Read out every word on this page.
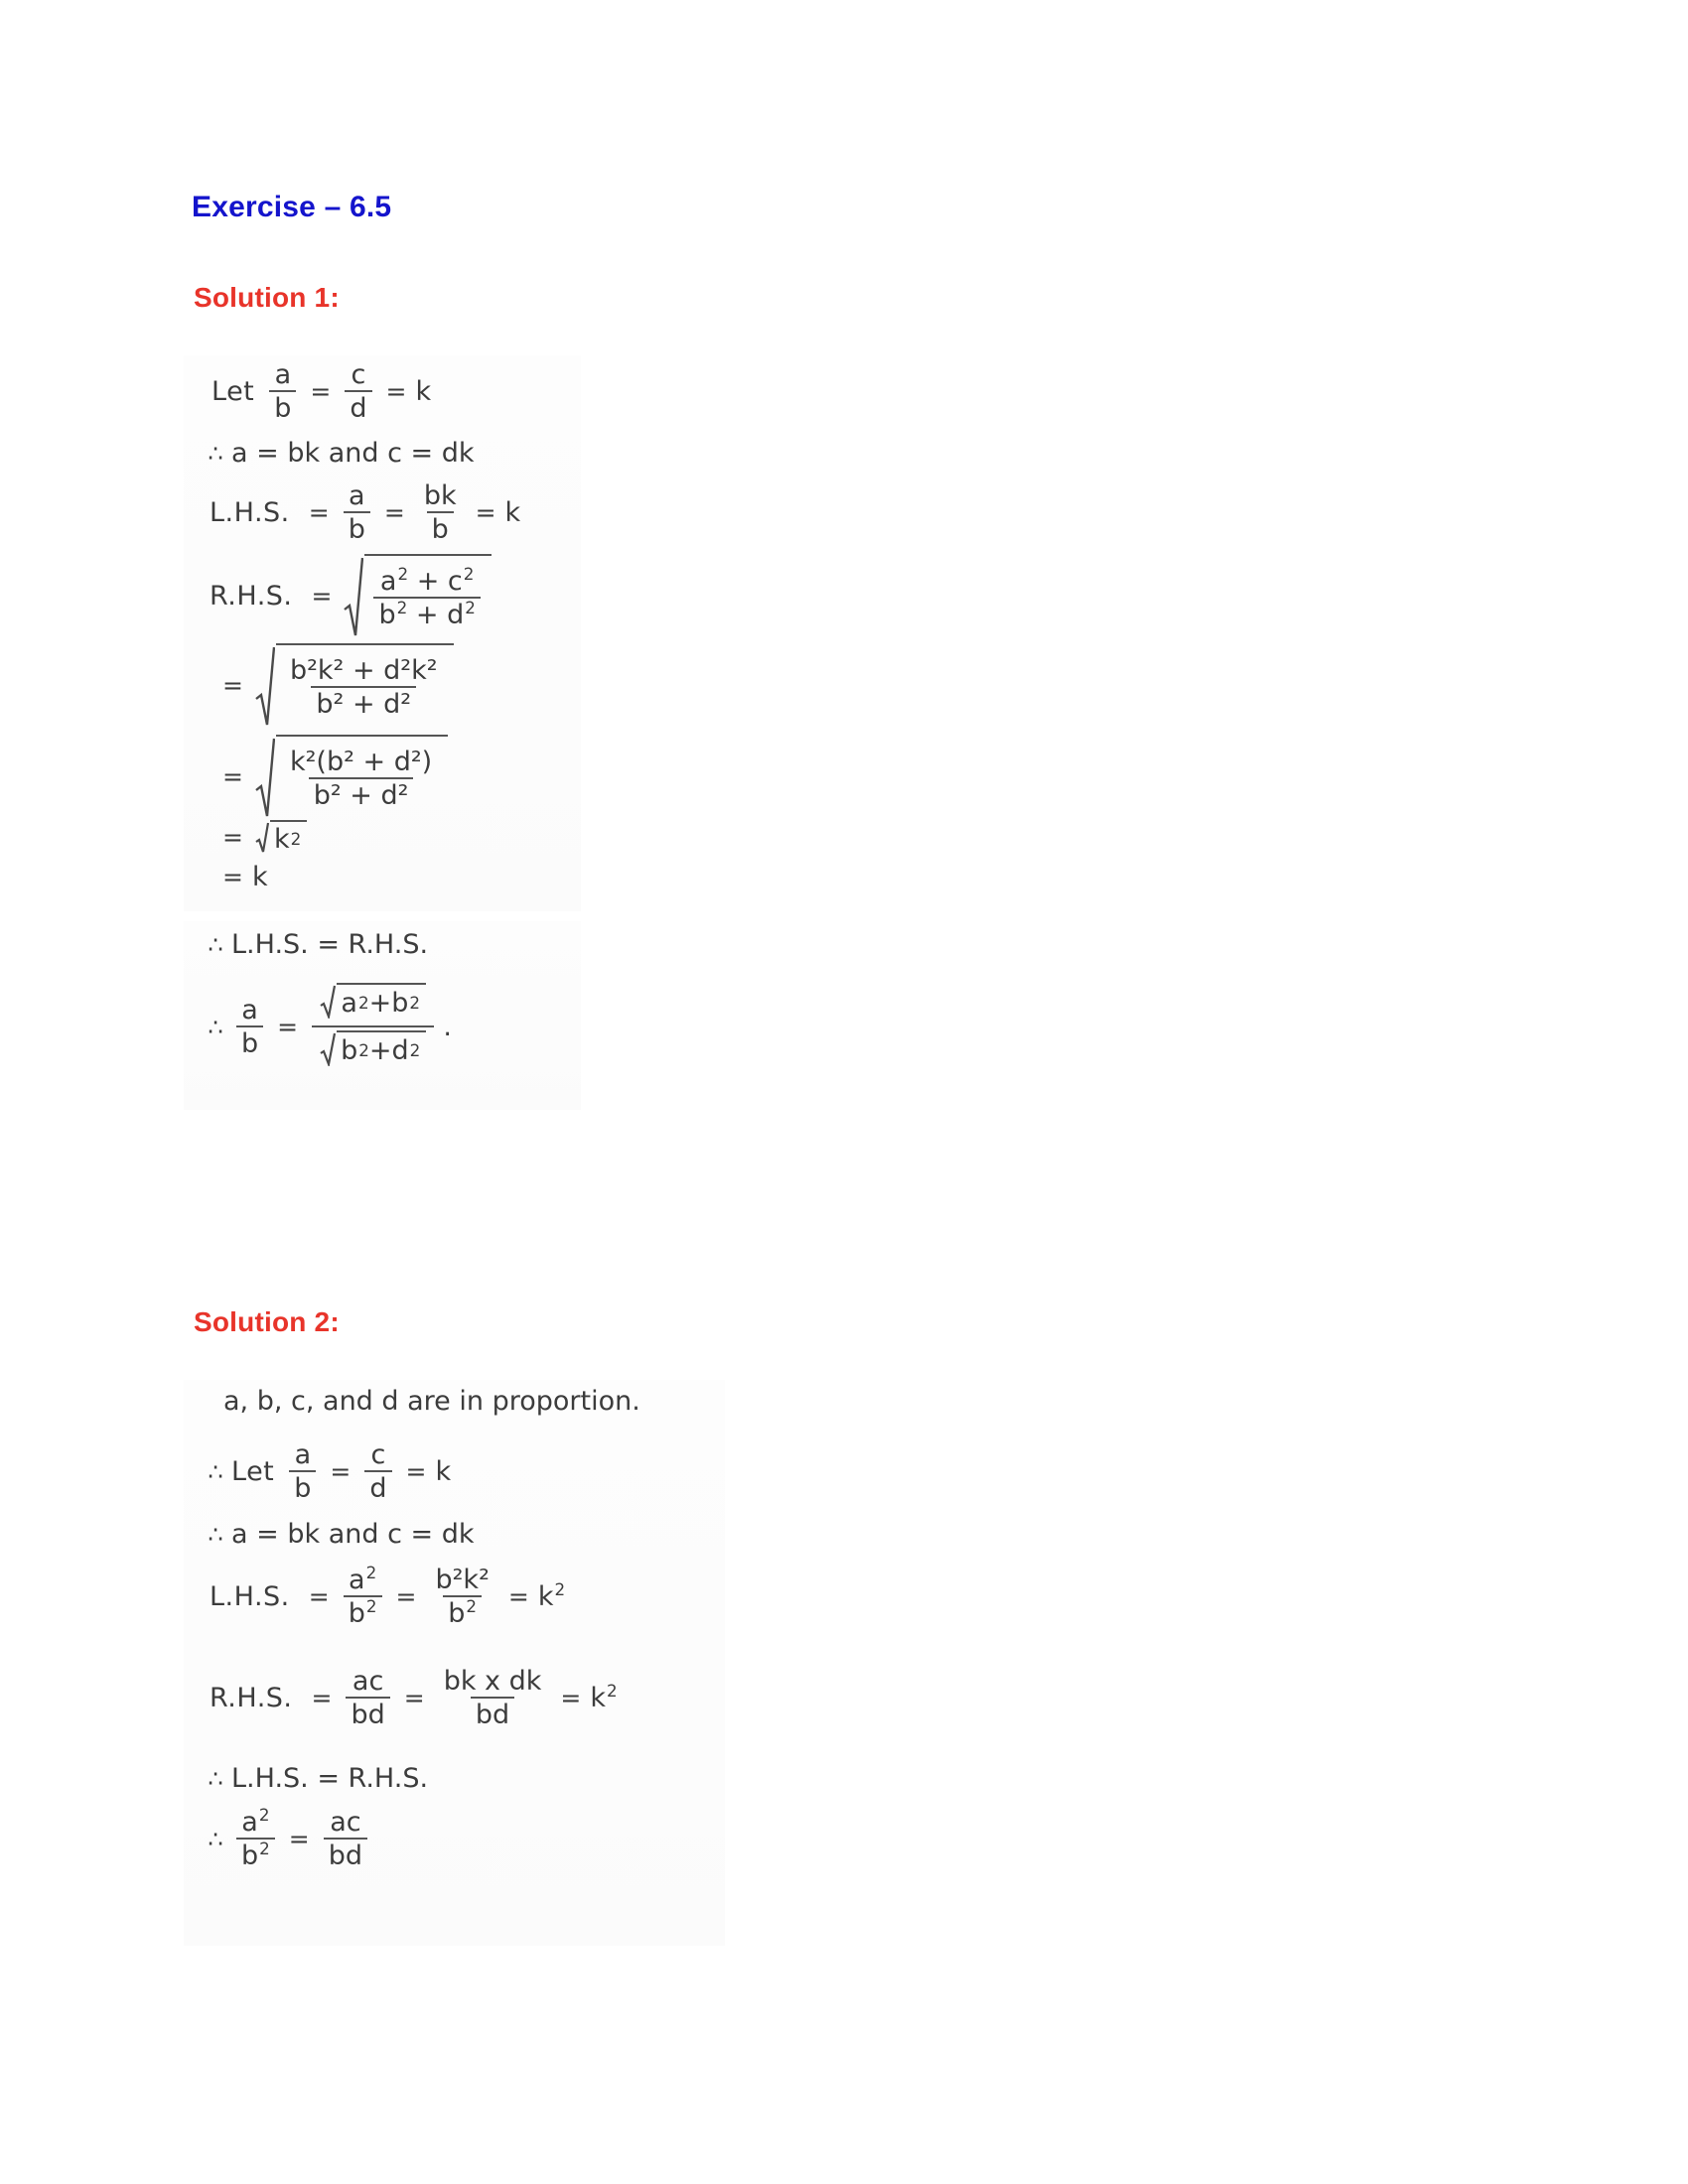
Exercise – 6.5
Solution 1:
Let $\frac{a}{b} = \frac{c}{d} = k$
∴ a = bk and c = dk
L.H.S. = $\frac{a}{b} = \frac{bk}{b} = k$
R.H.S. = $\frac{a^2 + c^2}{b^2 + d^2}$
= $\frac{\text{b²k² + d²k²}}{\text{b² + d²}}$
= $\frac{\text{k²(b² + d²)}}{\text{b² + d²}}$
= k 2
= k
∴ L.H.S. = R.H.S.
∴ $\frac{a}{b} = \frac{a 2 + b 2}{b 2 + d 2}$ .
Solution 2:
a, b, c, and d are in proportion.
∴ Let $\frac{a}{b} = \frac{c}{d} = k$
∴ a = bk and c = dk
L.H.S. = $\frac{a^2}{b^2} = \frac{\text{b²k²}}{b^2} = k^2$
R.H.S. = $\frac{ac}{bd} = \frac{\text{bk x dk}}{bd} = k^2$
∴ L.H.S. = R.H.S.
∴ $\frac{a^2}{b^2} = \frac{ac}{bd}$
